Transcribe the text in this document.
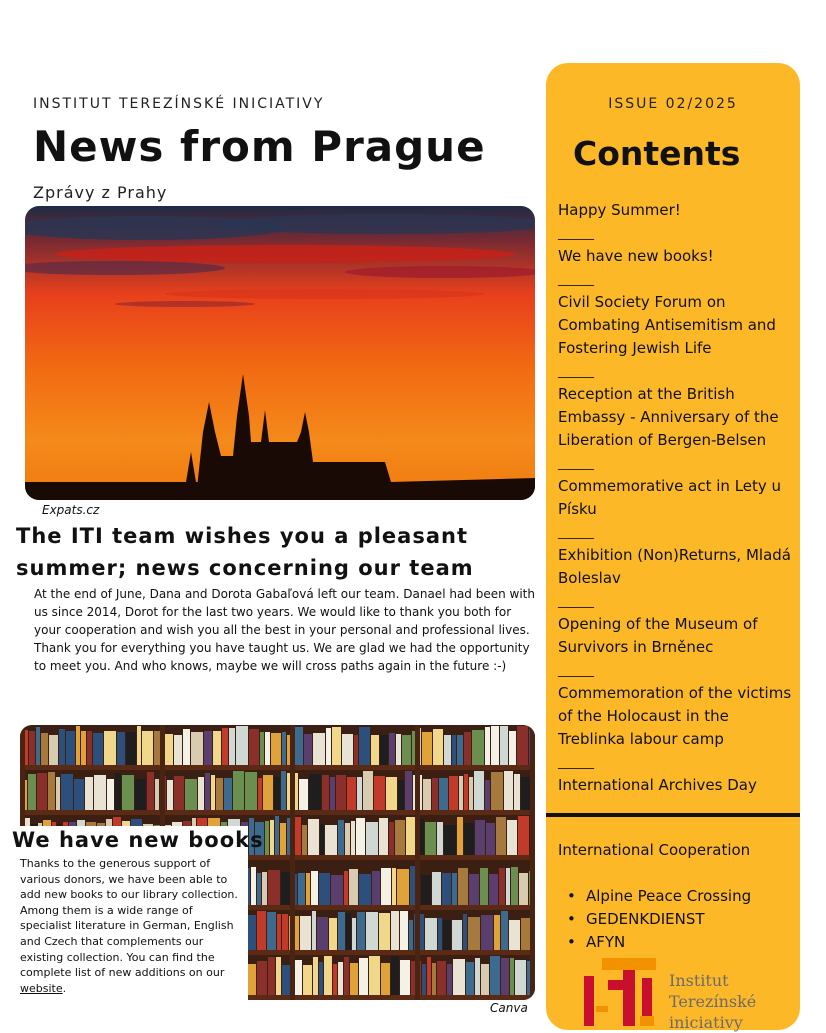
INSTITUT TEREZÍNSKÉ INICIATIVY
News from Prague
Zprávy z Prahy
Expats.cz
The ITI team wishes you a pleasant summer; news concerning our team
At the end of June, Dana and Dorota Gabaľová left our team. Danael had been with us since 2014, Dorot for the last two years. We would like to thank you both for your cooperation and wish you all the best in your personal and professional lives. Thank you for everything you have taught us. We are glad we had the opportunity to meet you. And who knows, maybe we will cross paths again in the future :-)
We have new books
Thanks to the generous support of various donors, we have been able to add new books to our library collection. Among them is a wide range of specialist literature in German, English and Czech that complements our existing collection. You can find the complete list of new additions on our website.
Canva
ISSUE 02/2025
Contents
Happy Summer!
______
We have new books!
______
Civil Society Forum on Combating Antisemitism and Fostering Jewish Life
______
Reception at the British Embassy - Anniversary of the Liberation of Bergen-Belsen
______
Commemorative act in Lety u Písku
______
Exhibition (Non)Returns, Mladá Boleslav
______
Opening of the Museum of Survivors in Brněnec
______
Commemoration of the victims of the Holocaust in the Treblinka labour camp
______
International Archives Day
International Cooperation
• Alpine Peace Crossing
• GEDENKDIENST
• AFYN
Institut
Terezínské
iniciativy
